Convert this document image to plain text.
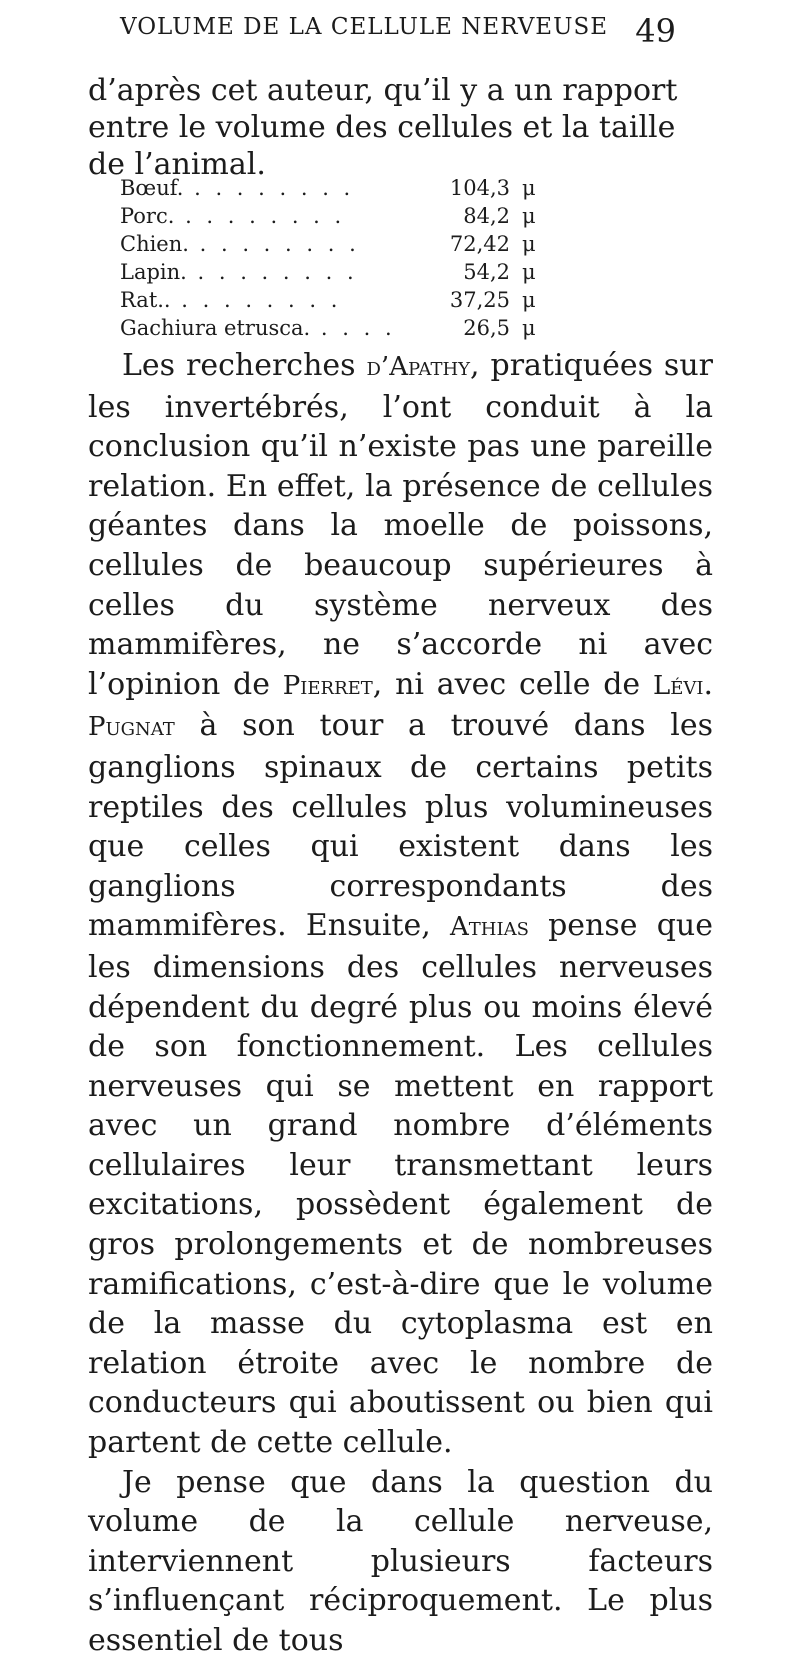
VOLUME DE LA CELLULE NERVEUSE 49
d’après cet auteur, qu’il y a un rapport entre le volume des cellules et la taille de l’animal.
Bœuf. . . . . . . . .	104,3 μ
Porc. . . . . . . . .	84,2 μ
Chien. . . . . . . . .	72,42 μ
Lapin. . . . . . . . .	54,2 μ
Rat.. . . . . . . . .	37,25 μ
Gachiura etrusca. . . . .	26,5 μ

Les recherches d’Apathy, pratiquées sur les invertébrés, l’ont conduit à la conclusion qu’il n’existe pas une pareille relation. En effet, la présence de cellules géantes dans la moelle de poissons, cellules de beaucoup supérieures à celles du système nerveux des mammifères, ne s’accorde ni avec l’opinion de Pierret, ni avec celle de Lévi. Pugnat à son tour a trouvé dans les ganglions spinaux de certains petits reptiles des cellules plus volumineuses que celles qui existent dans les ganglions correspondants des mammifères. Ensuite, Athias pense que les dimensions des cellules nerveuses dépendent du degré plus ou moins élevé de son fonctionnement. Les cellules nerveuses qui se mettent en rapport avec un grand nombre d’éléments cellulaires leur transmettant leurs excitations, possèdent également de gros prolongements et de nombreuses ramifications, c’est-à-dire que le volume de la masse du cytoplasma est en relation étroite avec le nombre de conducteurs qui aboutissent ou bien qui partent de cette cellule.

Je pense que dans la question du volume de la cellule nerveuse, interviennent plusieurs facteurs s’influençant réciproquement. Le plus essentiel de tous
